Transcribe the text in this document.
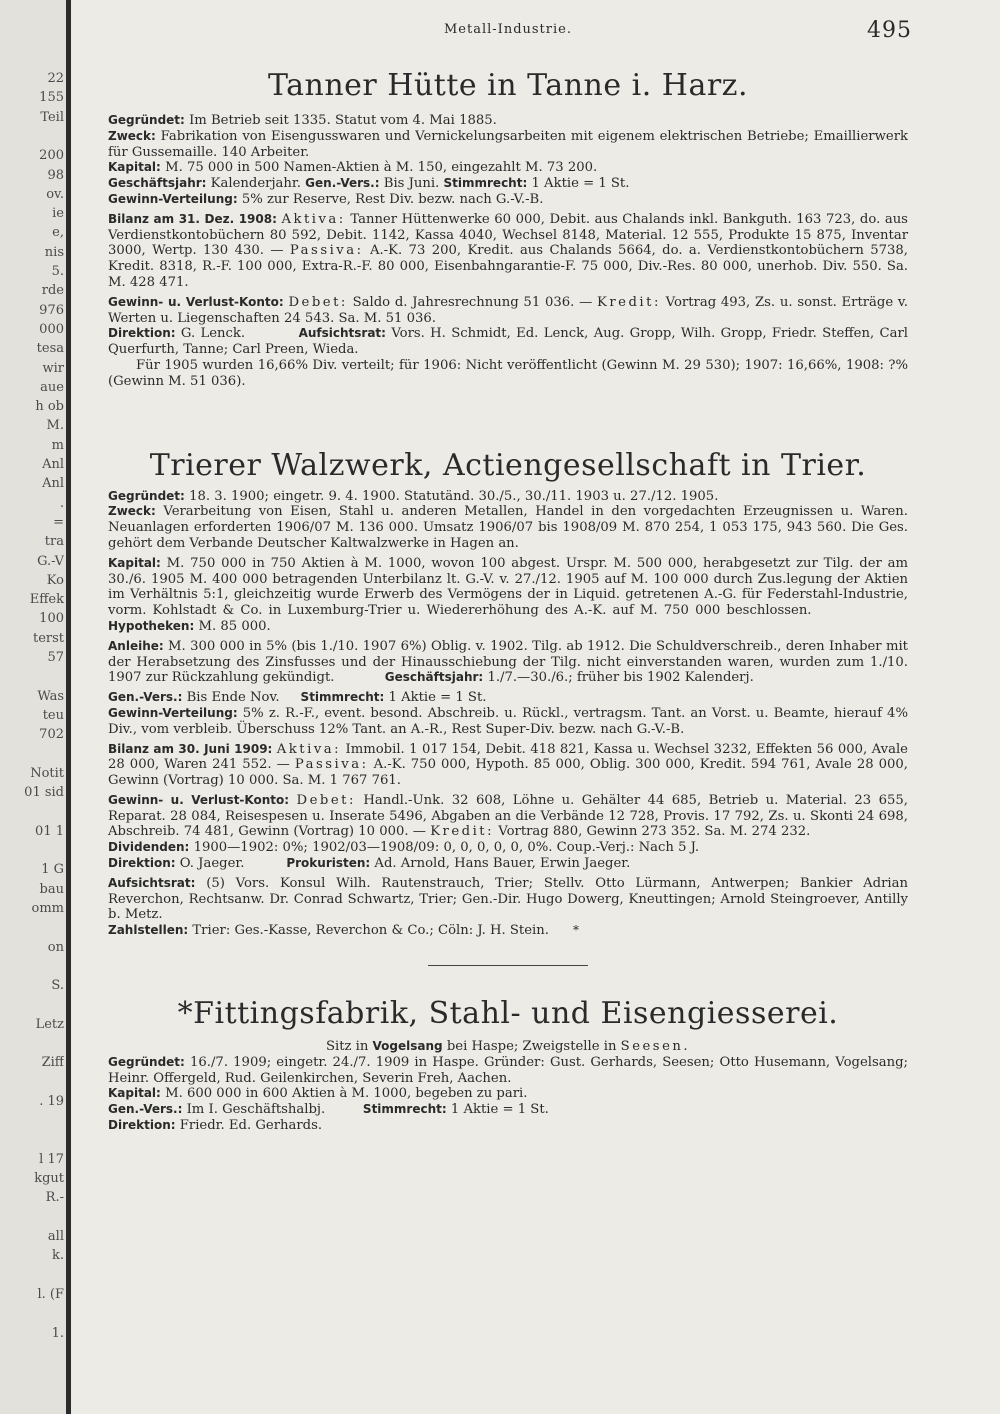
22
155
Teil
200
98
ov.
ie
e,
nis
5.
rde
976
000
tesa
wir
aue
h ob
M.
m
Anl
Anl
.
=
tra
G.-V
Ko
Effek
100
terst
57
Was
teu
702
Notit
01 sid
01 1
1 G
bau
omm
on
S.
Letz
Ziff
. 19
l 17
kgut
R.-
all
k.
l. (F
1.
Metall-Industrie.	495
Tanner Hütte in Tanne i. Harz.

Gegründet: Im Betrieb seit 1335. Statut vom 4. Mai 1885.

Zweck: Fabrikation von Eisengusswaren und Vernickelungsarbeiten mit eigenem elektrischen Betriebe; Emaillierwerk für Gussemaille. 140 Arbeiter.

Kapital: M. 75 000 in 500 Namen-Aktien à M. 150, eingezahlt M. 73 200.

Geschäftsjahr: Kalenderjahr. Gen.-Vers.: Bis Juni. Stimmrecht: 1 Aktie = 1 St.

Gewinn-Verteilung: 5% zur Reserve, Rest Div. bezw. nach G.-V.-B.

Bilanz am 31. Dez. 1908: Aktiva: Tanner Hüttenwerke 60 000, Debit. aus Chalands inkl. Bankguth. 163 723, do. aus Verdienstkontobüchern 80 592, Debit. 1142, Kassa 4040, Wechsel 8148, Material. 12 555, Produkte 15 875, Inventar 3000, Wertp. 130 430. — Passiva: A.-K. 73 200, Kredit. aus Chalands 5664, do. a. Verdienstkontobüchern 5738, Kredit. 8318, R.-F. 100 000, Extra-R.-F. 80 000, Eisenbahngarantie-F. 75 000, Div.-Res. 80 000, unerhob. Div. 550. Sa. M. 428 471.

Gewinn- u. Verlust-Konto: Debet: Saldo d. Jahresrechnung 51 036. — Kredit: Vortrag 493, Zs. u. sonst. Erträge v. Werten u. Liegenschaften 24 543. Sa. M. 51 036.

Direktion: G. Lenck.	Aufsichtsrat: Vors. H. Schmidt, Ed. Lenck, Aug. Gropp, Wilh. Gropp, Friedr. Steffen, Carl Querfurth, Tanne; Carl Preen, Wieda.

Für 1905 wurden 16,66% Div. verteilt; für 1906: Nicht veröffentlicht (Gewinn M. 29 530); 1907: 16,66%, 1908: ?% (Gewinn M. 51 036).

Trierer Walzwerk, Actiengesellschaft in Trier.

Gegründet: 18. 3. 1900; eingetr. 9. 4. 1900. Statutänd. 30./5., 30./11. 1903 u. 27./12. 1905.

Zweck: Verarbeitung von Eisen, Stahl u. anderen Metallen, Handel in den vorgedachten Erzeugnissen u. Waren. Neuanlagen erforderten 1906/07 M. 136 000. Umsatz 1906/07 bis 1908/09 M. 870 254, 1 053 175, 943 560. Die Ges. gehört dem Verbande Deutscher Kaltwalzwerke in Hagen an.

Kapital: M. 750 000 in 750 Aktien à M. 1000, wovon 100 abgest. Urspr. M. 500 000, herabgesetzt zur Tilg. der am 30./6. 1905 M. 400 000 betragenden Unterbilanz lt. G.-V. v. 27./12. 1905 auf M. 100 000 durch Zus.legung der Aktien im Verhältnis 5:1, gleichzeitig wurde Erwerb des Vermögens der in Liquid. getretenen A.-G. für Federstahl-Industrie, vorm. Kohlstadt & Co. in Luxemburg-Trier u. Wiedererhöhung des A.-K. auf M. 750 000 beschlossen.                 Hypotheken: M. 85 000.

Anleihe: M. 300 000 in 5% (bis 1./10. 1907 6%) Oblig. v. 1902. Tilg. ab 1912. Die Schuldverschreib., deren Inhaber mit der Herabsetzung des Zinsfusses und der Hinausschiebung der Tilg. nicht einverstanden waren, wurden zum 1./10. 1907 zur Rückzahlung gekündigt.	Geschäftsjahr: 1./7.—30./6.; früher bis 1902 Kalenderj.

Gen.-Vers.: Bis Ende Nov. Stimmrecht: 1 Aktie = 1 St.

Gewinn-Verteilung: 5% z. R.-F., event. besond. Abschreib. u. Rückl., vertragsm. Tant. an Vorst. u. Beamte, hierauf 4% Div., vom verbleib. Überschuss 12% Tant. an A.-R., Rest Super-Div. bezw. nach G.-V.-B.

Bilanz am 30. Juni 1909: Aktiva: Immobil. 1 017 154, Debit. 418 821, Kassa u. Wechsel 3232, Effekten 56 000, Avale 28 000, Waren 241 552. — Passiva: A.-K. 750 000, Hypoth. 85 000, Oblig. 300 000, Kredit. 594 761, Avale 28 000, Gewinn (Vortrag) 10 000. Sa. M. 1 767 761.

Gewinn- u. Verlust-Konto: Debet: Handl.-Unk. 32 608, Löhne u. Gehälter 44 685, Betrieb u. Material. 23 655, Reparat. 28 084, Reisespesen u. Inserate 5496, Abgaben an die Verbände 12 728, Provis. 17 792, Zs. u. Skonti 24 698, Abschreib. 74 481, Gewinn (Vortrag) 10 000. — Kredit: Vortrag 880, Gewinn 273 352. Sa. M. 274 232.

Dividenden: 1900—1902: 0%; 1902/03—1908/09: 0, 0, 0, 0, 0, 0%. Coup.-Verj.: Nach 5 J.

Direktion: O. Jaeger.	Prokuristen: Ad. Arnold, Hans Bauer, Erwin Jaeger.

Aufsichtsrat: (5) Vors. Konsul Wilh. Rautenstrauch, Trier; Stellv. Otto Lürmann, Antwerpen; Bankier Adrian Reverchon, Rechtsanw. Dr. Conrad Schwartz, Trier; Gen.-Dir. Hugo Dowerg, Kneuttingen; Arnold Steingroever, Antilly b. Metz.

Zahlstellen: Trier: Ges.-Kasse, Reverchon & Co.; Cöln: J. H. Stein. *

*Fittingsfabrik, Stahl- und Eisengiesserei.

Sitz in Vogelsang bei Haspe; Zweigstelle in Seesen.

Gegründet: 16./7. 1909; eingetr. 24./7. 1909 in Haspe. Gründer: Gust. Gerhards, Seesen; Otto Husemann, Vogelsang; Heinr. Offergeld, Rud. Geilenkirchen, Severin Freh, Aachen.

Kapital: M. 600 000 in 600 Aktien à M. 1000, begeben zu pari.

Gen.-Vers.: Im I. Geschäftshalbj.	Stimmrecht: 1 Aktie = 1 St.

Direktion: Friedr. Ed. Gerhards.
